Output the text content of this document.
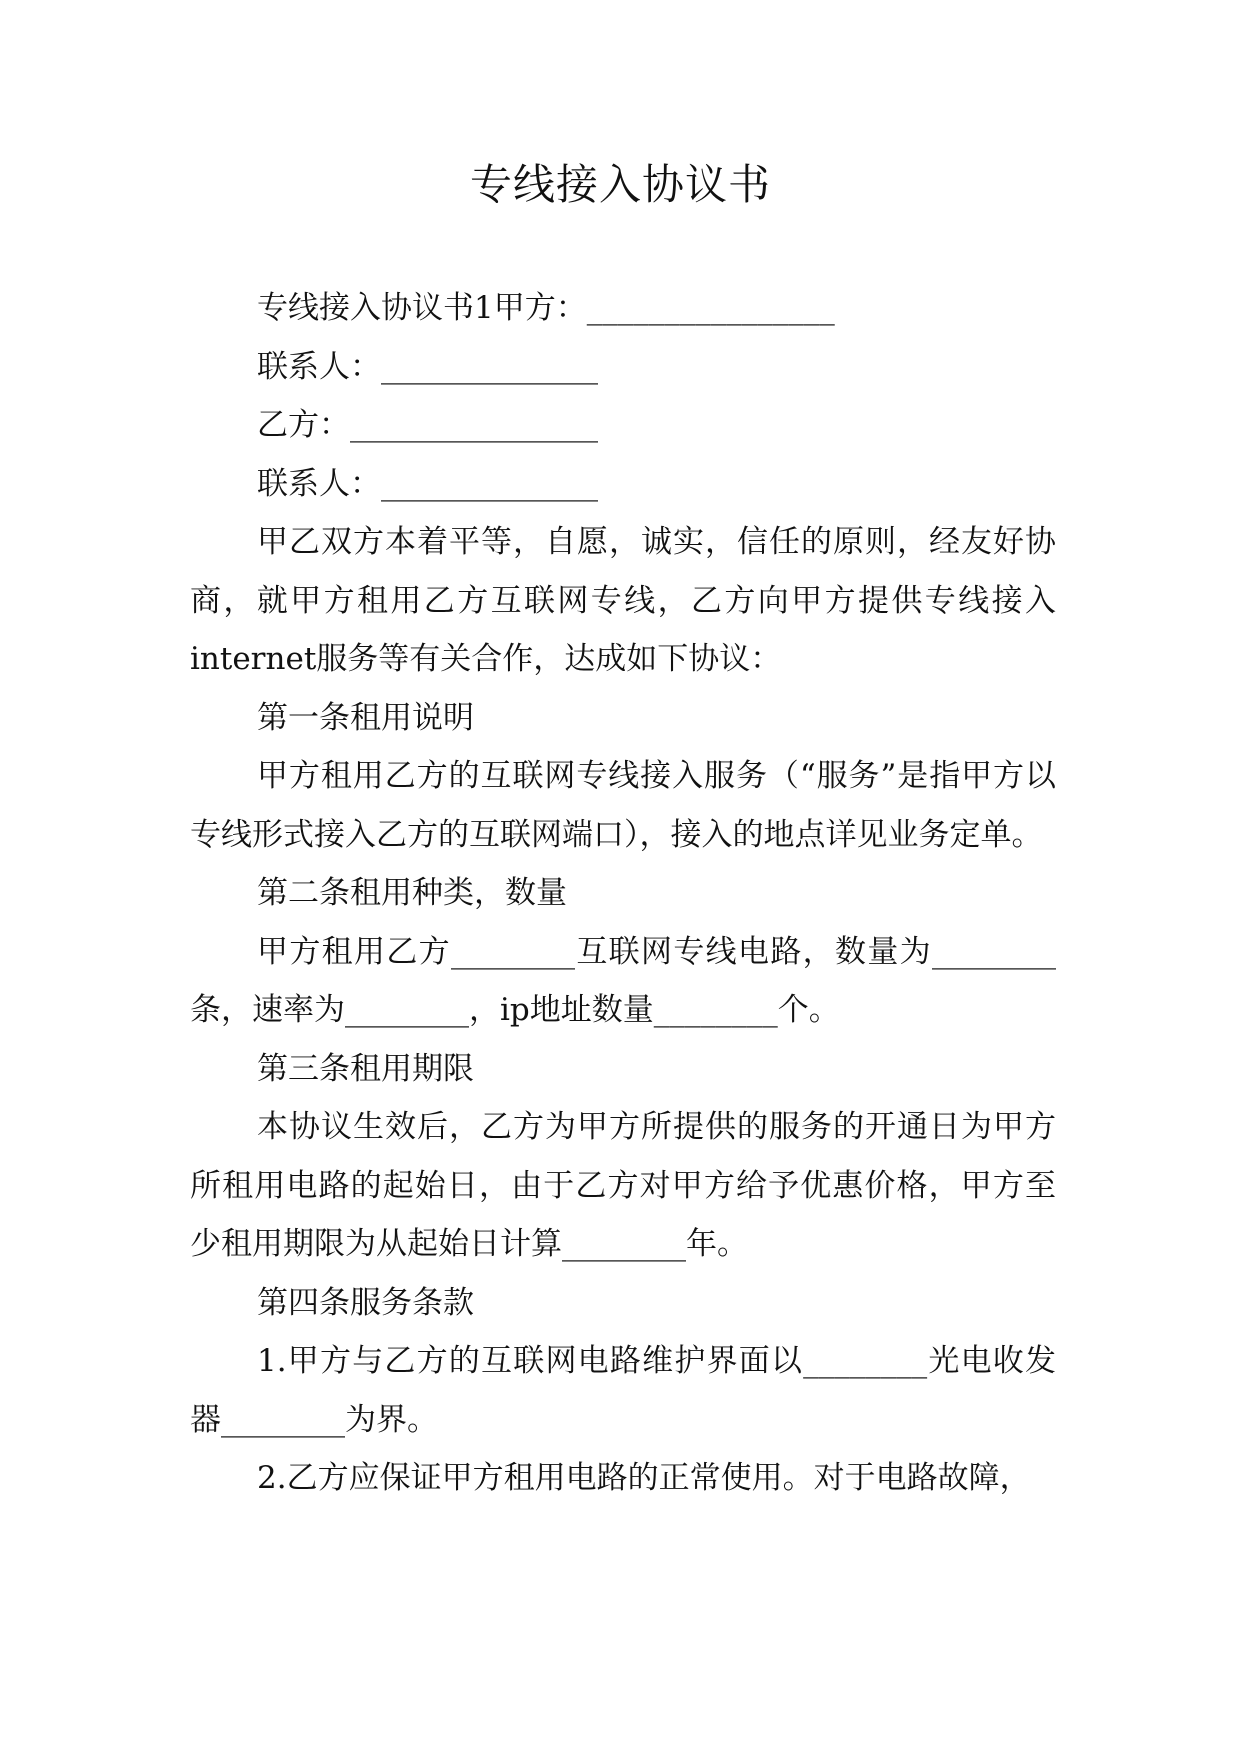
专线接入协议书

专线接入协议书1甲方：________________

联系人：______________

乙方：________________

联系人：______________

甲乙双方本着平等，自愿，诚实，信任的原则，经友好协商，就甲方租用乙方互联网专线，乙方向甲方提供专线接入internet服务等有关合作，达成如下协议：

第一条租用说明

甲方租用乙方的互联网专线接入服务（“服务”是指甲方以专线形式接入乙方的互联网端口），接入的地点详见业务定单。

第二条租用种类，数量

甲方租用乙方________互联网专线电路，数量为________条，速率为________，ip地址数量________个。

第三条租用期限

本协议生效后，乙方为甲方所提供的服务的开通日为甲方所租用电路的起始日，由于乙方对甲方给予优惠价格，甲方至少租用期限为从起始日计算________年。

第四条服务条款

1.甲方与乙方的互联网电路维护界面以________光电收发器________为界。

2.乙方应保证甲方租用电路的正常使用。对于电路故障，
